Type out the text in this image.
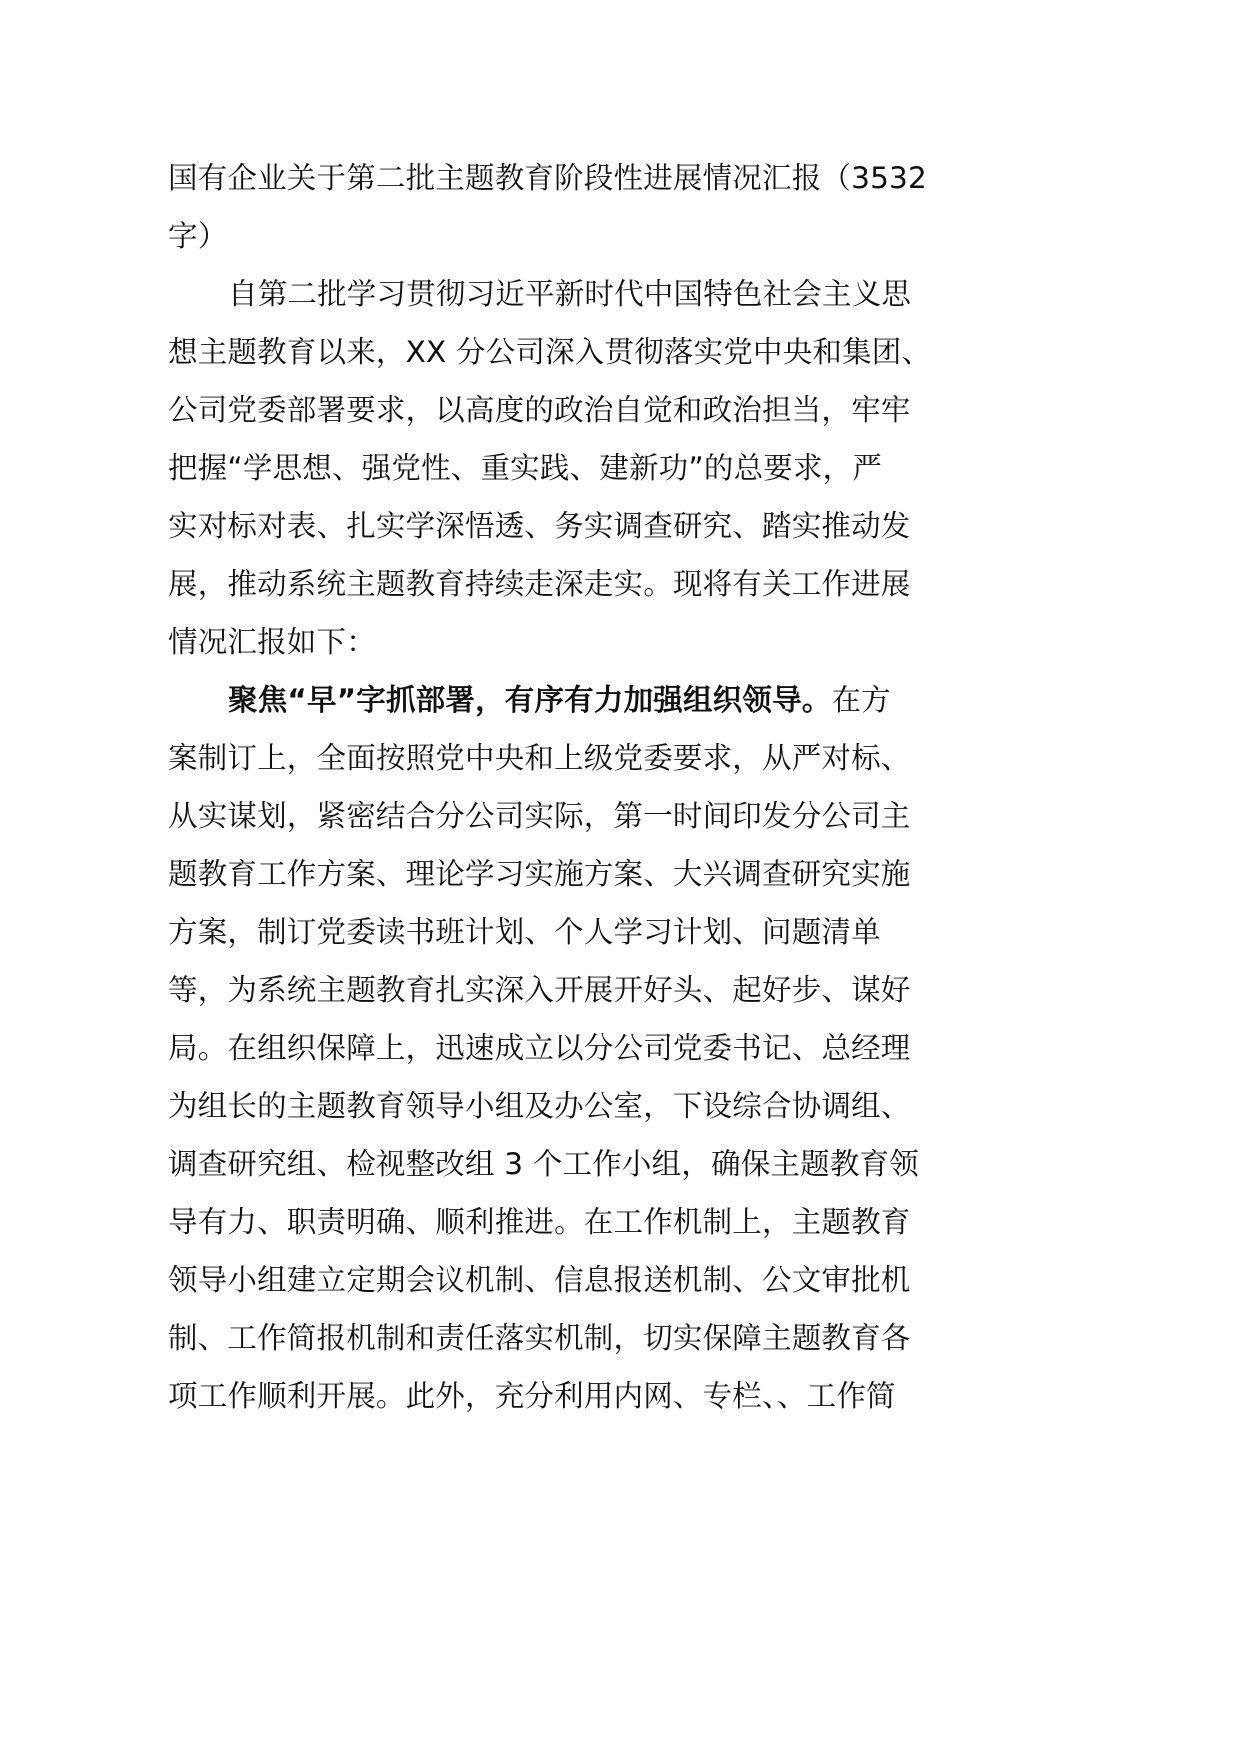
国有企业关于第二批主题教育阶段性进展情况汇报（3532
字）
自第二批学习贯彻习近平新时代中国特色社会主义思
想主题教育以来，XX 分公司深入贯彻落实党中央和集团、
公司党委部署要求，以高度的政治自觉和政治担当，牢牢
把握“学思想、强党性、重实践、建新功”的总要求，严
实对标对表、扎实学深悟透、务实调查研究、踏实推动发
展，推动系统主题教育持续走深走实。现将有关工作进展
情况汇报如下：
聚焦“早”字抓部署，有序有力加强组织领导。在方
案制订上，全面按照党中央和上级党委要求，从严对标、
从实谋划，紧密结合分公司实际，第一时间印发分公司主
题教育工作方案、理论学习实施方案、大兴调查研究实施
方案，制订党委读书班计划、个人学习计划、问题清单
等，为系统主题教育扎实深入开展开好头、起好步、谋好
局。在组织保障上，迅速成立以分公司党委书记、总经理
为组长的主题教育领导小组及办公室，下设综合协调组、
调查研究组、检视整改组 3 个工作小组，确保主题教育领
导有力、职责明确、顺利推进。在工作机制上，主题教育
领导小组建立定期会议机制、信息报送机制、公文审批机
制、工作简报机制和责任落实机制，切实保障主题教育各
项工作顺利开展。此外，充分利用内网、专栏、、工作简
